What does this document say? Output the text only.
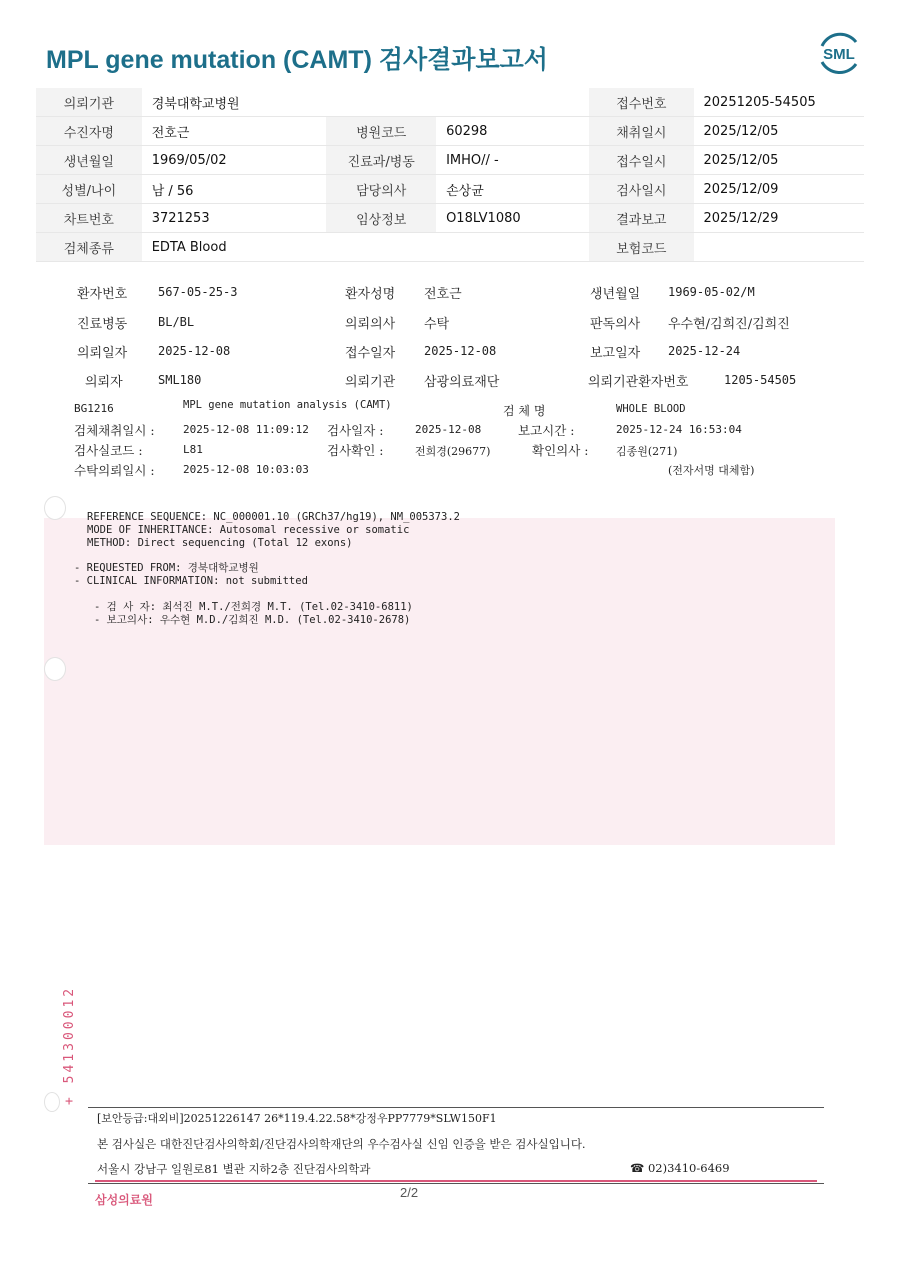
MPL gene mutation (CAMT) 검사결과보고서	SML
의뢰기관	경북대학교병원			접수번호	20251205-54505
수진자명	전호근	병원코드	60298	채취일시	2025/12/05
생년월일	1969/05/02	진료과/병동	IMHO// -	접수일시	2025/12/05
성별/나이	남 / 56	담당의사	손상균	검사일시	2025/12/09
차트번호	3721253	임상정보	O18LV1080	결과보고	2025/12/29
검체종류	EDTA Blood			보험코드	
환자번호	567-05-25-3	환자성명 전호근	생년월일 1969-05-02/M
진료병동	BL/BL	의뢰의사 수탁	판독의사 우수현/김희진/김희진
의뢰일자	2025-12-08	접수일자 2025-12-08	보고일자 2025-12-24
의뢰자	SML180	의뢰기관 삼광의료재단	의뢰기관환자번호	1205-54505
BG1216	MPL gene mutation analysis (CAMT)	검 체 명	WHOLE BLOOD
검체채취일시 :	2025-12-08 11:09:12 검사일자 :	2025-12-08	보고시간 :	2025-12-24 16:53:04
검사실코드 :	L81	검사확인 :	전희경(29677)	확인의사 :	김종원(271)
수탁의뢰일시 :	2025-12-08 10:03:03	(전자서명 대체함)
REFERENCE SEQUENCE: NC_000001.10 (GRCh37/hg19), NM_005373.2
MODE OF INHERITANCE: Autosomal recessive or somatic
METHOD: Direct sequencing (Total 12 exons)
- REQUESTED FROM: 경북대학교병원
- CLINICAL INFORMATION: not submitted
- 검 사 자: 최석진 M.T./전희경 M.T. (Tel.02-3410-6811)
- 보고의사: 우수현 M.D./김희진 M.D. (Tel.02-3410-2678)
+ 541300012
[보안등급:대외비]20251226147 26*119.4.22.58*강정우PP7779*SLW150F1
본 검사실은 대한진단검사의학회/진단검사의학재단의 우수검사실 신임 인증을 받은 검사실입니다.
서울시 강남구 일원로81 별관 지하2층 진단검사의학과	☎ 02)3410-6469
삼성의료원	2/2
